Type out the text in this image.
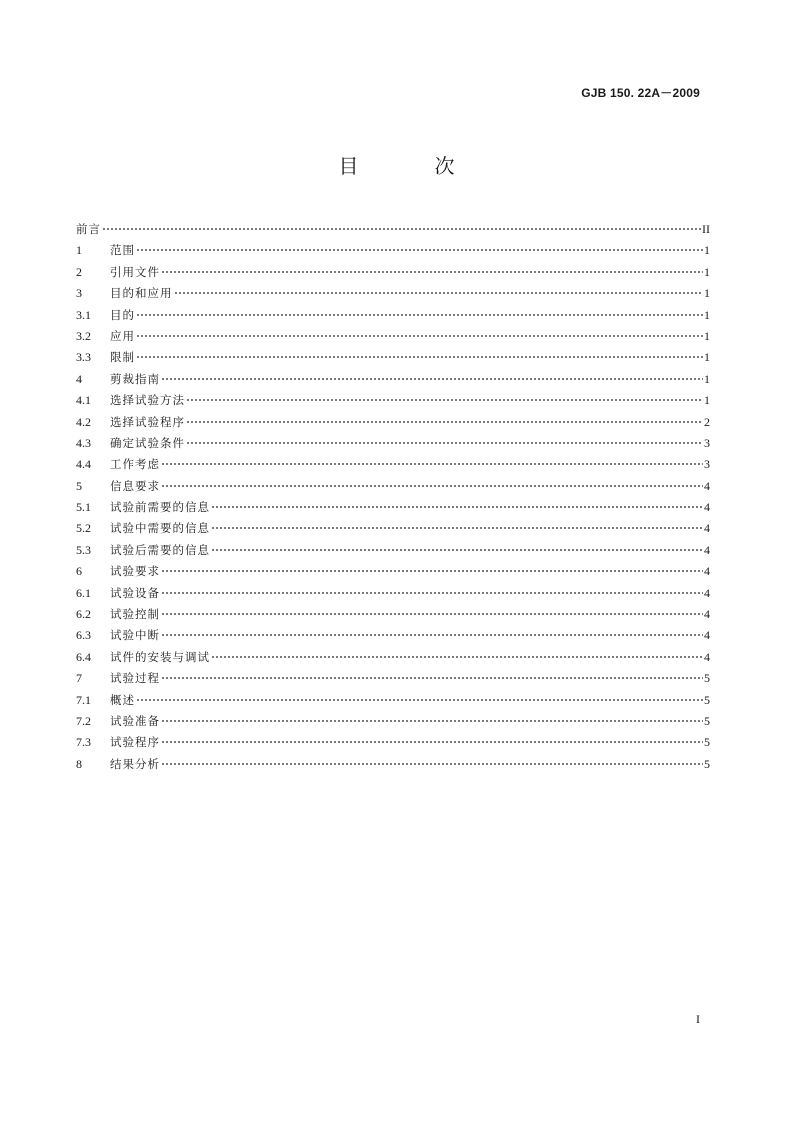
GJB 150. 22A－2009
目　次
前言	II
1	范围	1
2	引用文件	1
3	目的和应用	1
3.1	目的	1
3.2	应用	1
3.3	限制	1
4	剪裁指南	1
4.1	选择试验方法	1
4.2	选择试验程序	2
4.3	确定试验条件	3
4.4	工作考虑	3
5	信息要求	4
5.1	试验前需要的信息	4
5.2	试验中需要的信息	4
5.3	试验后需要的信息	4
6	试验要求	4
6.1	试验设备	4
6.2	试验控制	4
6.3	试验中断	4
6.4	试件的安装与调试	4
7	试验过程	5
7.1	概述	5
7.2	试验准备	5
7.3	试验程序	5
8	结果分析	5
I
